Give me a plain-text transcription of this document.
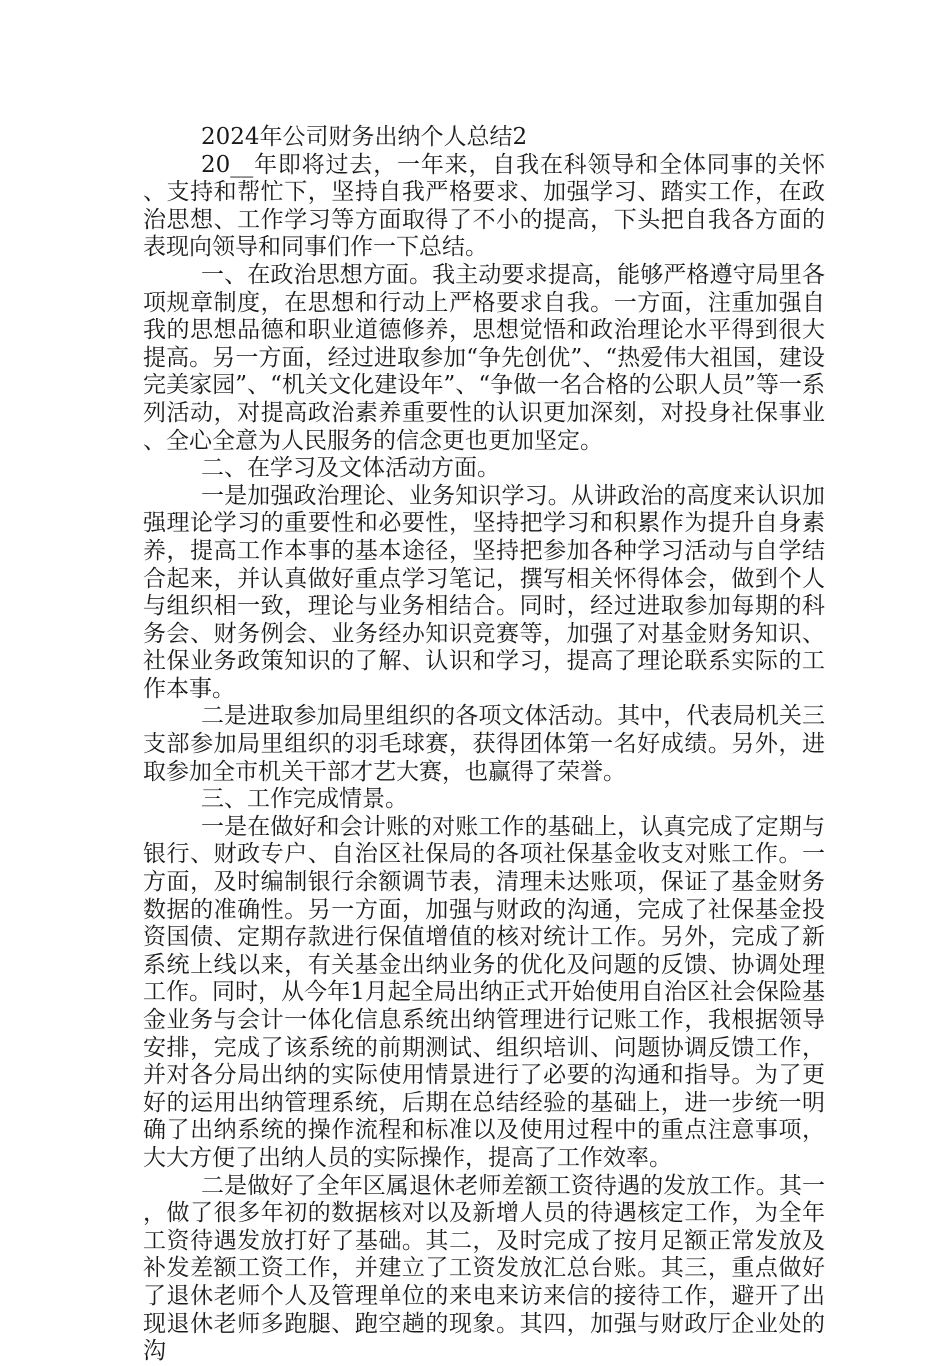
2024年公司财务出纳个人总结2

20__年即将过去，一年来，自我在科领导和全体同事的关怀、支持和帮忙下，坚持自我严格要求、加强学习、踏实工作，在政治思想、工作学习等方面取得了不小的提高，下头把自我各方面的表现向领导和同事们作一下总结。

一、在政治思想方面。我主动要求提高，能够严格遵守局里各项规章制度，在思想和行动上严格要求自我。一方面，注重加强自我的思想品德和职业道德修养，思想觉悟和政治理论水平得到很大提高。另一方面，经过进取参加“争先创优”、“热爱伟大祖国，建设完美家园”、“机关文化建设年”、“争做一名合格的公职人员”等一系列活动，对提高政治素养重要性的认识更加深刻，对投身社保事业、全心全意为人民服务的信念更也更加坚定。

二、在学习及文体活动方面。

一是加强政治理论、业务知识学习。从讲政治的高度来认识加强理论学习的重要性和必要性，坚持把学习和积累作为提升自身素养，提高工作本事的基本途径，坚持把参加各种学习活动与自学结合起来，并认真做好重点学习笔记，撰写相关怀得体会，做到个人与组织相一致，理论与业务相结合。同时，经过进取参加每期的科务会、财务例会、业务经办知识竞赛等，加强了对基金财务知识、社保业务政策知识的了解、认识和学习，提高了理论联系实际的工作本事。

二是进取参加局里组织的各项文体活动。其中，代表局机关三支部参加局里组织的羽毛球赛，获得团体第一名好成绩。另外，进取参加全市机关干部才艺大赛，也赢得了荣誉。

三、工作完成情景。

一是在做好和会计账的对账工作的基础上，认真完成了定期与银行、财政专户、自治区社保局的各项社保基金收支对账工作。一方面，及时编制银行余额调节表，清理未达账项，保证了基金财务数据的准确性。另一方面，加强与财政的沟通，完成了社保基金投资国债、定期存款进行保值增值的核对统计工作。另外，完成了新系统上线以来，有关基金出纳业务的优化及问题的反馈、协调处理工作。同时，从今年1月起全局出纳正式开始使用自治区社会保险基金业务与会计一体化信息系统出纳管理进行记账工作，我根据领导安排，完成了该系统的前期测试、组织培训、问题协调反馈工作，并对各分局出纳的实际使用情景进行了必要的沟通和指导。为了更好的运用出纳管理系统，后期在总结经验的基础上，进一步统一明确了出纳系统的操作流程和标准以及使用过程中的重点注意事项，大大方便了出纳人员的实际操作，提高了工作效率。

二是做好了全年区属退休老师差额工资待遇的发放工作。其一，做了很多年初的数据核对以及新增人员的待遇核定工作，为全年工资待遇发放打好了基础。其二，及时完成了按月足额正常发放及补发差额工资工作，并建立了工资发放汇总台账。其三，重点做好了退休老师个人及管理单位的来电来访来信的接待工作，避开了出现退休老师多跑腿、跑空趟的现象。其四，加强与财政厅企业处的沟
